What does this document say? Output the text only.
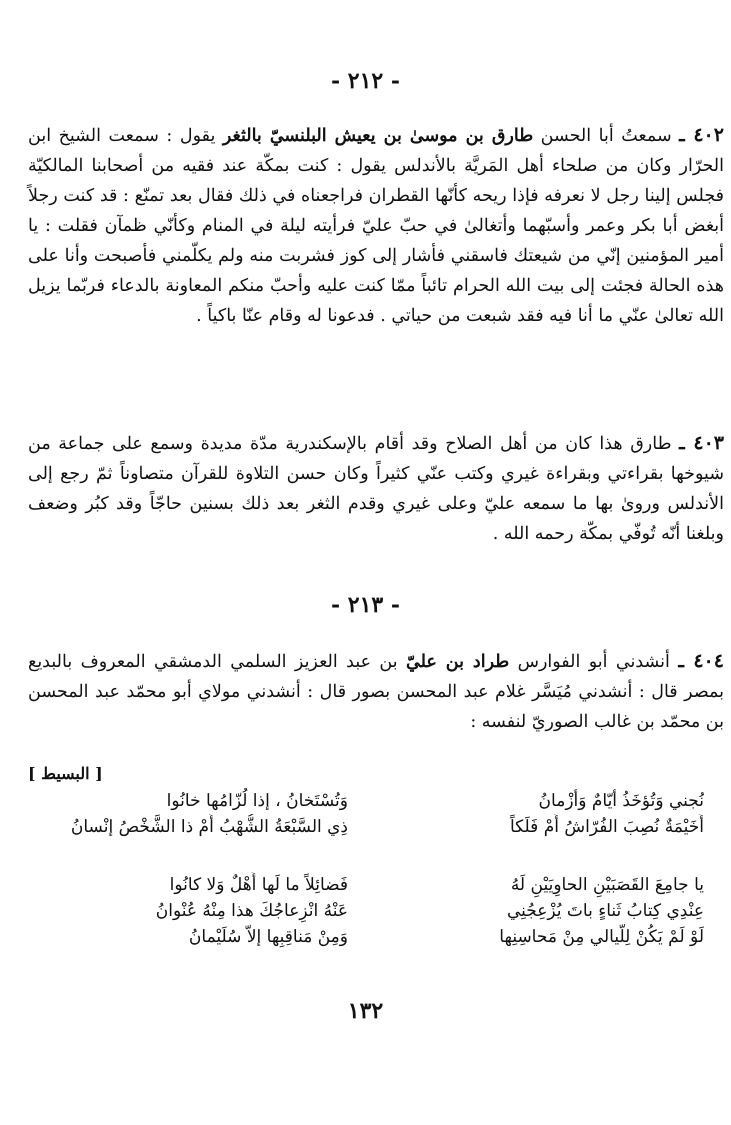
- ٢١٢ -
٤٠٢ ـ سمعتُ أبا الحسن طارق بن موسىٰ بن يعيش البلنسيّ بالثغر يقول : سمعت الشيخ ابن الحرّار وكان من صلحاء أهل المَريَّة بالأندلس يقول : كنت بمكّة عند فقيه من أصحابنا المالكيّة فجلس إلينا رجل لا نعرفه فإذا ريحه كأنّها القطران فراجعناه في ذلك فقال بعد تمنّع : قد كنت رجلاً أبغض أبا بكر وعمر وأسبّهما وأتغالىٰ في حبّ عليّ فرأيته ليلة في المنام وكأنّي ظمآن فقلت : يا أمير المؤمنين إنّي من شيعتك فاسقني فأشار إلى كوز فشربت منه ولم يكلّمني فأصبحت وأنا على هذه الحالة فجئت إلى بيت الله الحرام تائباً ممّا كنت عليه وأحبّ منكم المعاونة بالدعاء فربّما يزيل الله تعالىٰ عنّي ما أنا فيه فقد شبعت من حياتي . فدعونا له وقام عنّا باكياً .
٤٠٣ ـ طارق هذا كان من أهل الصلاح وقد أقام بالإسكندرية مدّة مديدة وسمع على جماعة من شيوخها بقراءتي وبقراءة غيري وكتب عنّي كثيراً وكان حسن التلاوة للقرآن متصاوناً ثمّ رجع إلى الأندلس وروىٰ بها ما سمعه عليّ وعلى غيري وقدم الثغر بعد ذلك بسنين حاجّاً وقد كبُر وضعف وبلغنا أنّه تُوفّي بمكّة رحمه الله .
- ٢١٣ -
٤٠٤ ـ أنشدني أبو الفوارس طراد بن عليّ بن عبد العزيز السلمي الدمشقي المعروف بالبديع بمصر قال : أنشدني مُيَسَّر غلام عبد المحسن بصور قال : أنشدني مولاي أبو محمّد عبد المحسن بن محمّد بن غالب الصوريّ لنفسه :
[ البسيط ]
نُجني وَتُؤخَذُ أيّامٌ وَأزْمانُ
وَتُسْتَخانُ ، إذا لُزّامُها خانُوا
أَخَيْمَةٌ نُصِبَ الفُرّاشُ أَمْ فَلَكاً
ذِي السَّبْعَةُ الشُّهْبُ أَمْ ذا الشَّخْصُ إنْسانُ
يا جامِعَ القَصَبَيْنِ الحاوِيَيْنِ لَهُ
فَضائِلاً ما لَها أَهْلٌ وَلا كانُوا
عِنْدِي كِتابُ ثَناءٍ باتَ يُزْعِجُنِي
عَنْهُ انْزِعاجُكَ هذا مِنْهُ عُنْوانُ
لَوْ لَمْ يَكُنْ لِلَّيالي مِنْ مَحاسِنِها
وَمِنْ مَناقِبِها إلاّ سُلَيْمانُ
١٣٢
